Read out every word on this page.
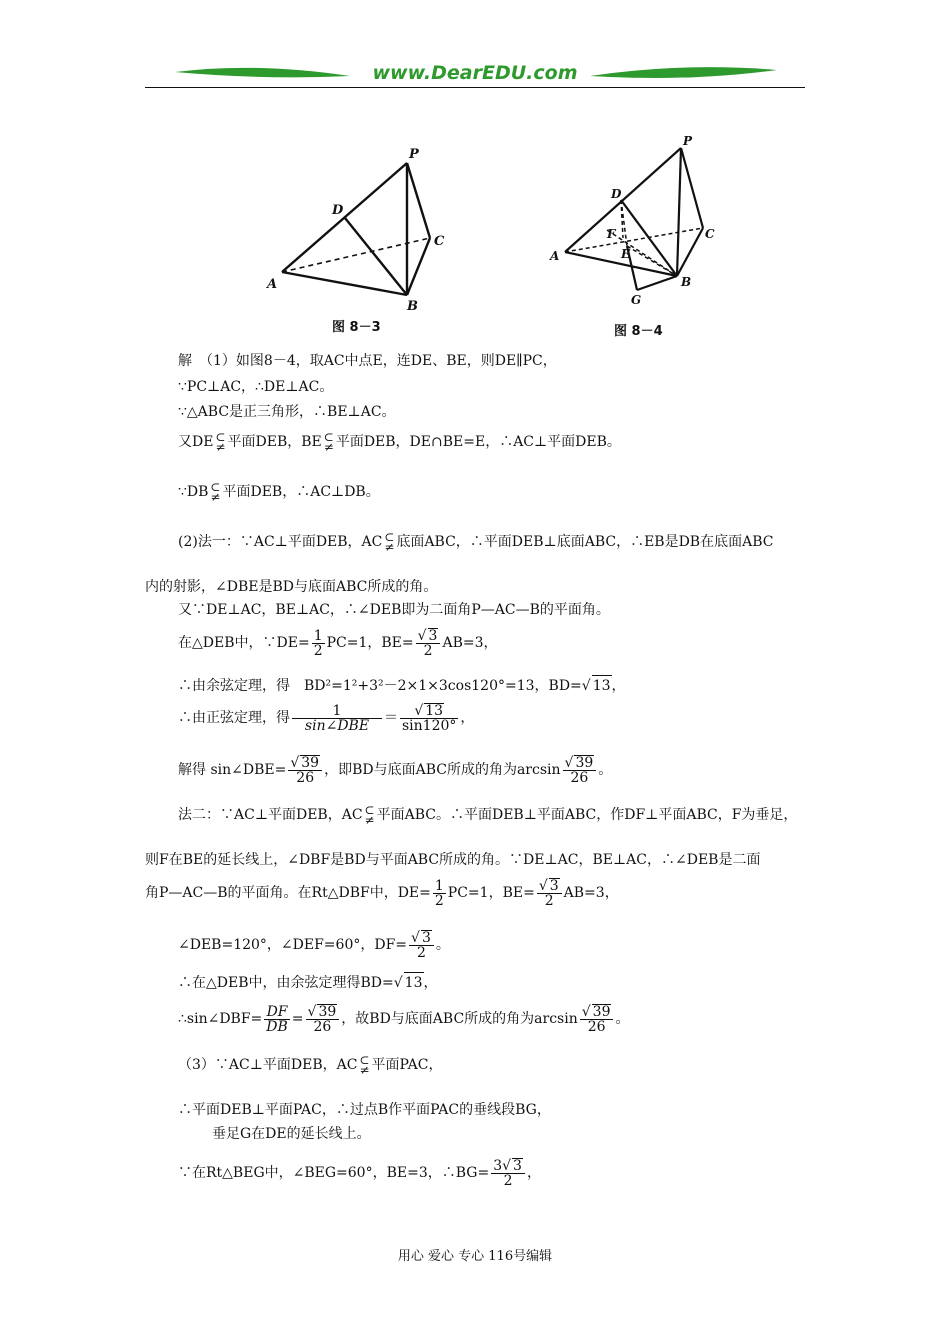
www.DearEDU.com
P
D
C
A
B
图 8－3
P
D
F
E
C
A
B
G
图 8－4
解　（1）如图8－4，取AC中点E，连DE、BE，则DE∥PC，
∵PC⊥AC，∴DE⊥AC。
∵△ABC是正三角形，∴BE⊥AC。
又DE ⊂
≠ 平面DEB，BE ⊂
≠ 平面DEB，DE∩BE=E，∴AC⊥平面DEB。
∵DB ⊂
≠ 平面DEB，∴AC⊥DB。
(2)法一：∵AC⊥平面DEB，AC ⊂
≠ 底面ABC，∴平面DEB⊥底面ABC，∴EB是DB在底面ABC
内的射影，∠DBE是BD与底面ABC所成的角。
又∵DE⊥AC，BE⊥AC，∴∠DEB即为二面角P—AC—B的平面角。
在△DEB中，∵DE= $\frac{1}{2} PC=1$，$BE= \frac{√ 3}{2} AB=3$，
∴由余弦定理，得　BD²=1²+3²－2×1×3cos120°=13，BD=√ 13，
∴由正弦定理，得 $\frac{1}{\text{sin∠DBE}} = \frac{√ 13}{\sin 120^\circ}$ ，
解得 sin∠DBE= $\frac{√ 39}{26}$ ，即BD与底面ABC所成的角为$\arcsin \frac{√ 39}{26}$ 。
法二：∵AC⊥平面DEB，AC ⊂
≠ 平面ABC。∴平面DEB⊥平面ABC，作DF⊥平面ABC，F为垂足，
则F在BE的延长线上，∠DBF是BD与平面ABC所成的角。∵DE⊥AC，BE⊥AC，∴∠DEB是二面
角P—AC—B的平面角。在Rt△DBF中，$DE= \frac{1}{2} PC=1$，$BE= \frac{√ 3}{2} AB=3$，
∠DEB=120°，∠DEF=60°，$DF= \frac{√ 3}{2}$ 。
∴在△DEB中，由余弦定理得BD=√ 13，
∴sin∠DBF= $\frac{DF}{DB} = \frac{√ 39}{26}$ ，故BD与底面ABC所成的角为$\arcsin \frac{√ 39}{26}$ 。
（3）∵AC⊥平面DEB，AC ⊂
≠ 平面PAC，
∴平面DEB⊥平面PAC，∴过点B作平面PAC的垂线段BG，
垂足G在DE的延长线上。
∵在Rt△BEG中，∠BEG=60°，BE=3，∴BG= $\frac{3√ 3}{2}$ ，
用心 爱心 专心 116号编辑
